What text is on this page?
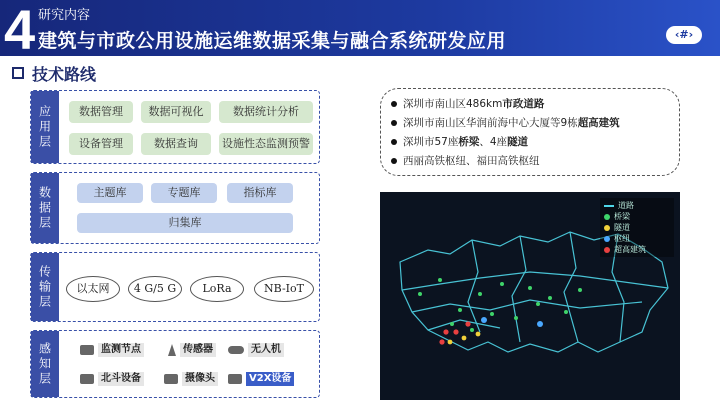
4 研究内容
建筑与市政公用设施运维数据采集与融合系统研发应用	‹#›
技术路线
应用层	数据管理	数据可视化	数据统计分析
设备管理	数据查询	设施性态监测预警
数据层	主题库	专题库	指标库
归集库
传输层	以太网	4 G/5 G	LoRa	NB-IoT
感知层	监测节点	传感器	无人机
北斗设备	摄像头	V2X设备
深圳市南山区486km市政道路
深圳市南山区华润前海中心大厦等9栋超高建筑
深圳市57座桥梁、4座隧道
西丽高铁枢纽、福田高铁枢纽
道路
桥梁
隧道
枢纽
超高建筑
